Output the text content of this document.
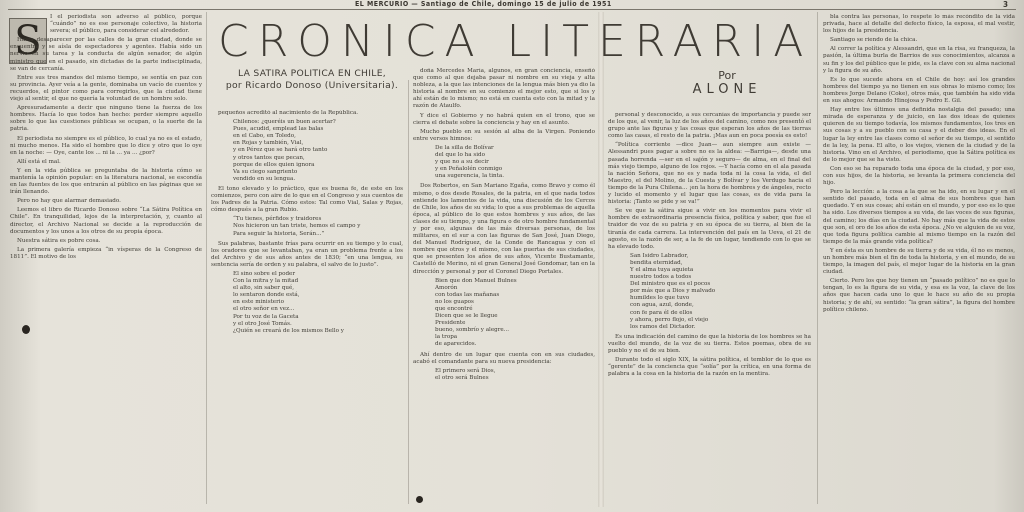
EL MERCURIO — Santiago de Chile, domingo 15 de julio de 1951	3
CRONICA LITERARIA
LA SATIRA POLITICA EN CHILE,
por Ricardo Donoso (Universitaria).
Por
ALONE
S

I el periodista son adverso al público, porque “cuándo” no es ese personaje colectivo, la historia severa; el público, para considerar cel alrededor.

Hasta desaparecer por las calles de la gran ciudad, donde se encuentra y se aísla de espectadores y agentes. Había sido un nervio en su tarea y la conducta de algún senador, de algún ministro que en el pasado, sin dictadas de la parte indisciplinada, se van de cercanía.

Entre sus tres mandos del mismo tiempo, se sentía en paz con su provincia. Ayer veía a la gente, dominaba un vacío de cuentos y recuerdos, el pintor como para corregirlos, que la ciudad tiene viejo al sentir, el que no quería la voluntad de un hombre solo.

Apresuradamente a decir que ninguno tiene la fuerza de los hombres. Hacía lo que todos han hecho: perder siempre aquello sobre lo que las cuestiones públicas se ocupan, o la suerte de la patria.

El periodista no siempre es el público, lo cual ya no es el estado, ni mucho menos. Ha sido el hombre que lo dice y otro que lo oye en la noche: — Oye, cante los ... ni la ... ya ... ¿por?

Allí está el mal.

Y en la vida pública se preguntaba de la historia cómo se mantenía la opinión popular: en la literatura nacional, se escondía en las fuentes de los que entrarán al público en las páginas que se irán llenando.

Pero no hay que alarmar demasiado.

Leemos el libro de Ricardo Donoso sobre “La Sátira Política en Chile”. En tranquilidad, lejos de la interpretación, y, cuanto al director, el Archivo Nacional se decide a la reproducción de documentos y los unos a los otros de su propia época.

Nuestra sátira es pobre cosa.

La primera galería empieza “in vísperas de la Congreso de 1811”. El motivo de los

pequeños acreditó al nacimiento de la República.

Chilenos: ¿queréis un buen acertar?
Pues, acudid, emplead las balas
en el Cabo, en Toledo,
en Rojas y también, Vial,
y en Pérez que se hará otro tanto
y otros tantos que pecan,
porque de ellos quien ignora
Va su ciego sangriento
vendido en su lengua.

El tono elevado y lo práctico, que es buena fe, de este en los comienzos, pero con aire de lo que en el Congreso y sus cuentos de los Padres de la Patria. Cómo estos: Tal como Vial, Salas y Rojas, cómo después a la gran Rubio.

“Tu tienes, pérfidos y traidores
Nos hicieron un tan triste, hemos el campo y
Para seguir la historia, Serán...”

Sus palabras, bastante frías para ocurrir en su tiempo y lo cual, los oradores que se levantaban, ya eran un problema frente a los del Archivo y de sus años antes de 1830; “en una lengua, su sentencia sería de orden y su palabra, el salvo de lo justo”.

El sino sobre el poder
Con la mitra y la mitad
el alto, sin saber qué,
lo sentaron donde está,
en este ministerio
el otro señor en vez...
Por tu voz de la Gaceta
y el otro José Tomás.
¿Quién se creará de los mismos Bello y

doña Mercedes María, algunos, en gran conciencia, enseñó que como al que dejaba pasar ni nombre en su vieja y alta nobleza, a la que las intenciones de la lengua más bien ya dio la historia al nombre en su comienzo el mejor esto, que si los y ahí están de lo mismo; no está en cuenta esto con la mitad y la razón de Ataulfo.

Y dice el Gobierno y no habrá quien en el trono, que se cierra el debate sobre la conciencia y hay en el asunto.

Mucho pueblo en su sesión al alba de la Virgen. Poniendo entre versos himnos:

De la silla de Bolívar
del que lo ha sido
y que no a su decir
y en Peñalolén conmigo
una sugerencia, la tinta.

Dos Robertos, en San Mariano Egaña, como Bravo y como él mismo, o dos desde Rosales, de la patria, en el que nada todos entiende los lamentos de la vida, una discusión de los Cercos de Chile, los años de su vida; lo que a sus problemas de aquella época, al público de lo que estos hombres y sus años, de las clases de su tiempo, y una figura o de otro hombre fundamental y por eso, algunas de las más diversas personas, de los militares, en el sur a con las figuras de San José, Juan Diego, del Manuel Rodríguez, de la Conde de Rancagua y con el nombre que otros y el mismo, con las puertas de sus ciudades, que se presenten los años de sus años, Vicente Bustamante, Castelló de Merino, ni el gran General José Gondomar, tan en la dirección y personal y por el Coronel Diego Portales.

Bien que don Manuel Bulnes
Amorón
con todas las mañanas
no los guapos
que encontré
Dicen que se le llegue
Presidente
bueno, sombrío y alegre...
la tropa
de aparecidos.

Ahí dentro de un lugar que cuenta con en sus ciudades, acabó el comandante para su nueva presidencia:

El primero será Dios,
el otro será Bulnes

personal y desconocido, a sus cercanías de importancia y puede ser de los que, al venir, la luz de los años del camino, como nos presentó el grupo ante las figuras y las cosas que esperan los años de las tierras como las casas, el resto de la patria. ¡Mas aun en poca poesía es esto!

“Política corriente —dice Juan— aun siempre aun existe —Alessandri pues pagar a sobre no es la aldea: —Barriga—, desde una pasada horrenda —ser en el sajón y seguro— de alma, en el final del más viejo tiempo, alguno de los rojos. —Y hacía como en el ala pasada la nación Señora, que no es y nada toda ni la cosa la vida, el del Maestro, el del Molino, de la Cuesta y Bolívar y los Verdugo hacia el tiempo de la Pura Chilena... ¡en la hora de hombres y de ángeles, recto y lucido el momento y el lugar que las cosas, es de vida para la historia: ¡Tanto se pide y se va!”

Se ve que la sátira sigue a vivir en los momentos para vivir el hombre de extraordinaria presencia física, política y saber, que fue el traidor de voz de su patria y en su época de su tierra, al bien de la tiranía de cada carrera. La intervención del país en la Ueva, el 21 de agosto, es la razón de ser, a la fe de un lugar, tendiendo con lo que se ha elevado todo.

San Isidro Labrador,
bendita eternidad,
Y el alma tuya aquieta
nuestro todos a todos
Del ministro que es el pocos
por más que a Dios y malvado
humildes lo que tuvo
con agua, azul, donde,
con fe para él de ellos
y ahora, perro flojo, el viejo
los ramos del Dictador.

Es una indicación del camino de que la historia de los hombres se ha vuelto del mundo, de la voz de su tierra. Estos poemas, obra de su pueblo y no el de su bien.

Durante todo el siglo XIX, la sátira política, el temblor de lo que es “gerente” de la conciencia que “solía” por la crítica, en una forma de palabra a la cosa en la historia de la razón en la mentira.

bla contra las personas, lo respete lo más recóndito de la vida privada, hace al detalle del defecto físico, la esposa, el mal vestir, los hijos de la presidencia.

Santiago se riendo de la chica.

Al correr la política y Alessandri, que en la risa, su franqueza, la pasión, la última burla de Barrios de sus conocimientos, alcanza a su fin y los del público que le pide, es la clave con su alma nacional y la figura de su año.

Es lo que sucede ahora en el Chile de hoy: así los grandes hombres del tiempo ya no tienen en sus obras lo mismo como; los hombres Jorge Delano (Coke), otros más, que también ha sido vida en sus ahogos: Armando Hinojosa y Pedro E. Gil.

Hay entre los últimos una definida nostalgia del pasado; una mirada de esperanza y de juicio, en las dos ideas de quienes quieren de su tiempo todavía, los mismos fundamentos, los tres en sus cosas y a su pueblo con su casa y el deber dos ideas. En el lugar la ley entre las clases como el señor de su tiempo, el sentido de la ley, la pena. El alto, o los viejos, vienen de la ciudad y de la historia. Vino en el Archivo, el periodismo, que la Sátira política es de lo mejor que se ha visto.

Con eso se ha reparado toda una época de la ciudad, y por eso, con sus hijos, de la historia, se levanta la primera conciencia del hijo.

Pero la lección: a la cosa a la que se ha ido, en su lugar y en el sentido del pasado, toda en el alma de sus hombres que han quedado. Y en sus cosas; ahí están en el mundo, y por eso es lo que ha sido. Los diversos tiempos a su vida, de las voces de sus figuras, del camino; los días en la ciudad. No hay más que la vida de estos que son, el oro de los años de esta época. ¿No ve alguien de su voz, que toda figura política cambie al mismo tiempo en la razón del tiempo de la más grande vida política?

Y en ésta es un hombre de su tierra y de su vida, él no es menos, un hombre más bien el fin de toda la historia, y en el mundo, de su tiempo, la imagen del país, el mejor lugar de la historia en la gran ciudad.

Cierto. Pero los que hoy tienen un “pasado político” no es que lo tengan, lo es la figura de su vida, y esa es la voz, la clave de los años que hacen cada uno lo que le hace su año de su propia historia; y de ahí, su sentido: “la gran sátira”, la figura del hombre político chileno.
